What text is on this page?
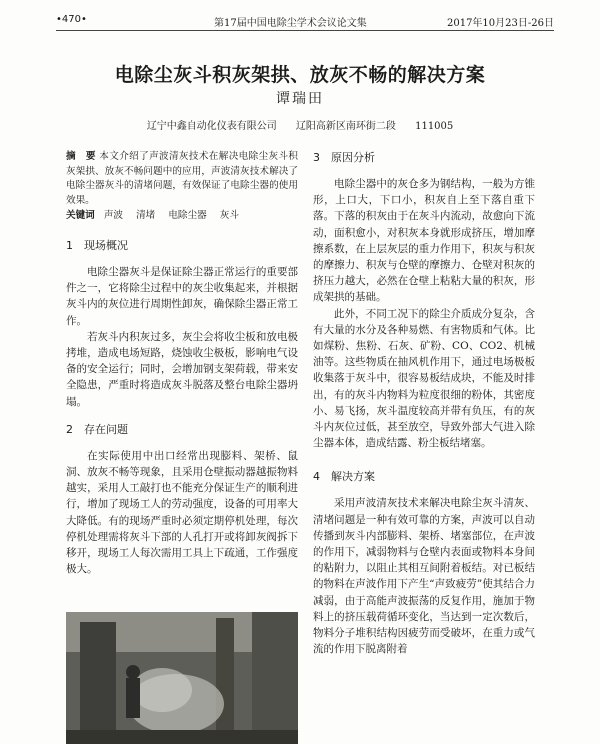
•470•	第17届中国电除尘学术会议论文集	2017年10月23日-26日
电除尘灰斗积灰架拱、放灰不畅的解决方案
谭瑞田
辽宁中鑫自动化仪表有限公司 辽阳高新区南环街二段 111005
摘　要 本文介绍了声波清灰技术在解决电除尘灰斗积灰架拱、放灰不畅问题中的应用，声波清灰技术解决了电除尘器灰斗的清堵问题，有效保证了电除尘器的使用效果。
关键词 声波 清堵 电除尘器 灰斗
1　现场概况

电除尘器灰斗是保证除尘器正常运行的重要部件之一，它将除尘过程中的灰尘收集起来，并根据灰斗内的灰位进行周期性卸灰，确保除尘器正常工作。

若灰斗内积灰过多，灰尘会将收尘板和放电极拷堆，造成电场短路，烧蚀收尘极板，影响电气设备的安全运行；同时，会增加钢支架荷载，带来安全隐患，严重时将造成灰斗脱落及整台电除尘器坍塌。

2　存在问题

在实际使用中出口经常出现膨料、架桥、鼠洞、放灰不畅等现象，且采用仓壁振动器越振物料越实，采用人工敲打也不能充分保证生产的顺利进行，增加了现场工人的劳动强度，设备的可用率大大降低。有的现场严重时必须定期停机处理，每次停机处理需将灰斗下部的人孔打开或将卸灰阀拆下移开，现场工人每次需用工具上下疏通，工作强度极大。

3　原因分析

电除尘器中的灰仓多为钢结构，一般为方锥形，上口大，下口小，积灰自上至下落自重下落。下落的积灰由于在灰斗内流动，故愈向下流动，面积愈小，对积灰本身就形成挤压，增加摩擦系数，在上层灰层的重力作用下，积灰与积灰的摩擦力、积灰与仓壁的摩擦力、仓壁对积灰的挤压力越大，必然在仓壁上粘粘大量的积灰，形成架拱的基础。

此外，不同工况下的除尘介质成分复杂，含有大量的水分及各种易燃、有害物质和气体。比如煤粉、焦粉、石灰、矿粉、CO、CO2、机械油等。这些物质在抽风机作用下，通过电场极板收集落于灰斗中，很容易板结成块，不能及时排出，有的灰斗内物料为粒度很细的粉体，其密度小、易飞扬，灰斗温度较高并带有负压，有的灰斗内灰位过低，甚至放空，导致外部大气进入除尘器本体，造成结露、粉尘板结堵塞。

4　解决方案

采用声波清灰技术来解决电除尘灰斗清灰、清堵问题是一种有效可靠的方案，声波可以自动传播到灰斗内部膨料、架桥、堵塞部位，在声波的作用下，减弱物料与仓壁内表面或物料本身间的粘附力，以阻止其相互间附着板结。对已板结的物料在声波作用下产生“声致疲劳”使其结合力减弱，由于高能声波振荡的反复作用，施加于物料上的挤压载荷循环变化，当达到一定次数后，物料分子堆积结构因疲劳而受破坏，在重力或气流的作用下脱离附着
